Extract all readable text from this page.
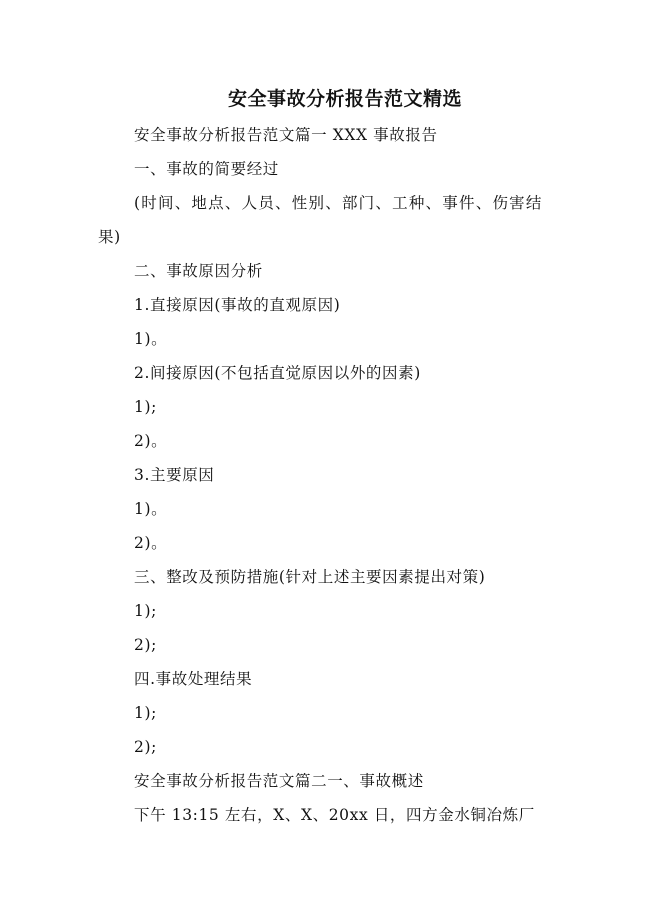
安全事故分析报告范文精选
安全事故分析报告范文篇一 XXX 事故报告
一、事故的简要经过
(时间、地点、人员、性别、部门、工种、事件、伤害结果)
二、事故原因分析
1.直接原因(事故的直观原因)
1)。
2.间接原因(不包括直觉原因以外的因素)
1);
2)。
3.主要原因
1)。
2)。
三、整改及预防措施(针对上述主要因素提出对策)
1);
2);
四.事故处理结果
1);
2);
安全事故分析报告范文篇二一、事故概述
下午 13:15 左右，X、X、20xx 日，四方金水铜冶炼厂
